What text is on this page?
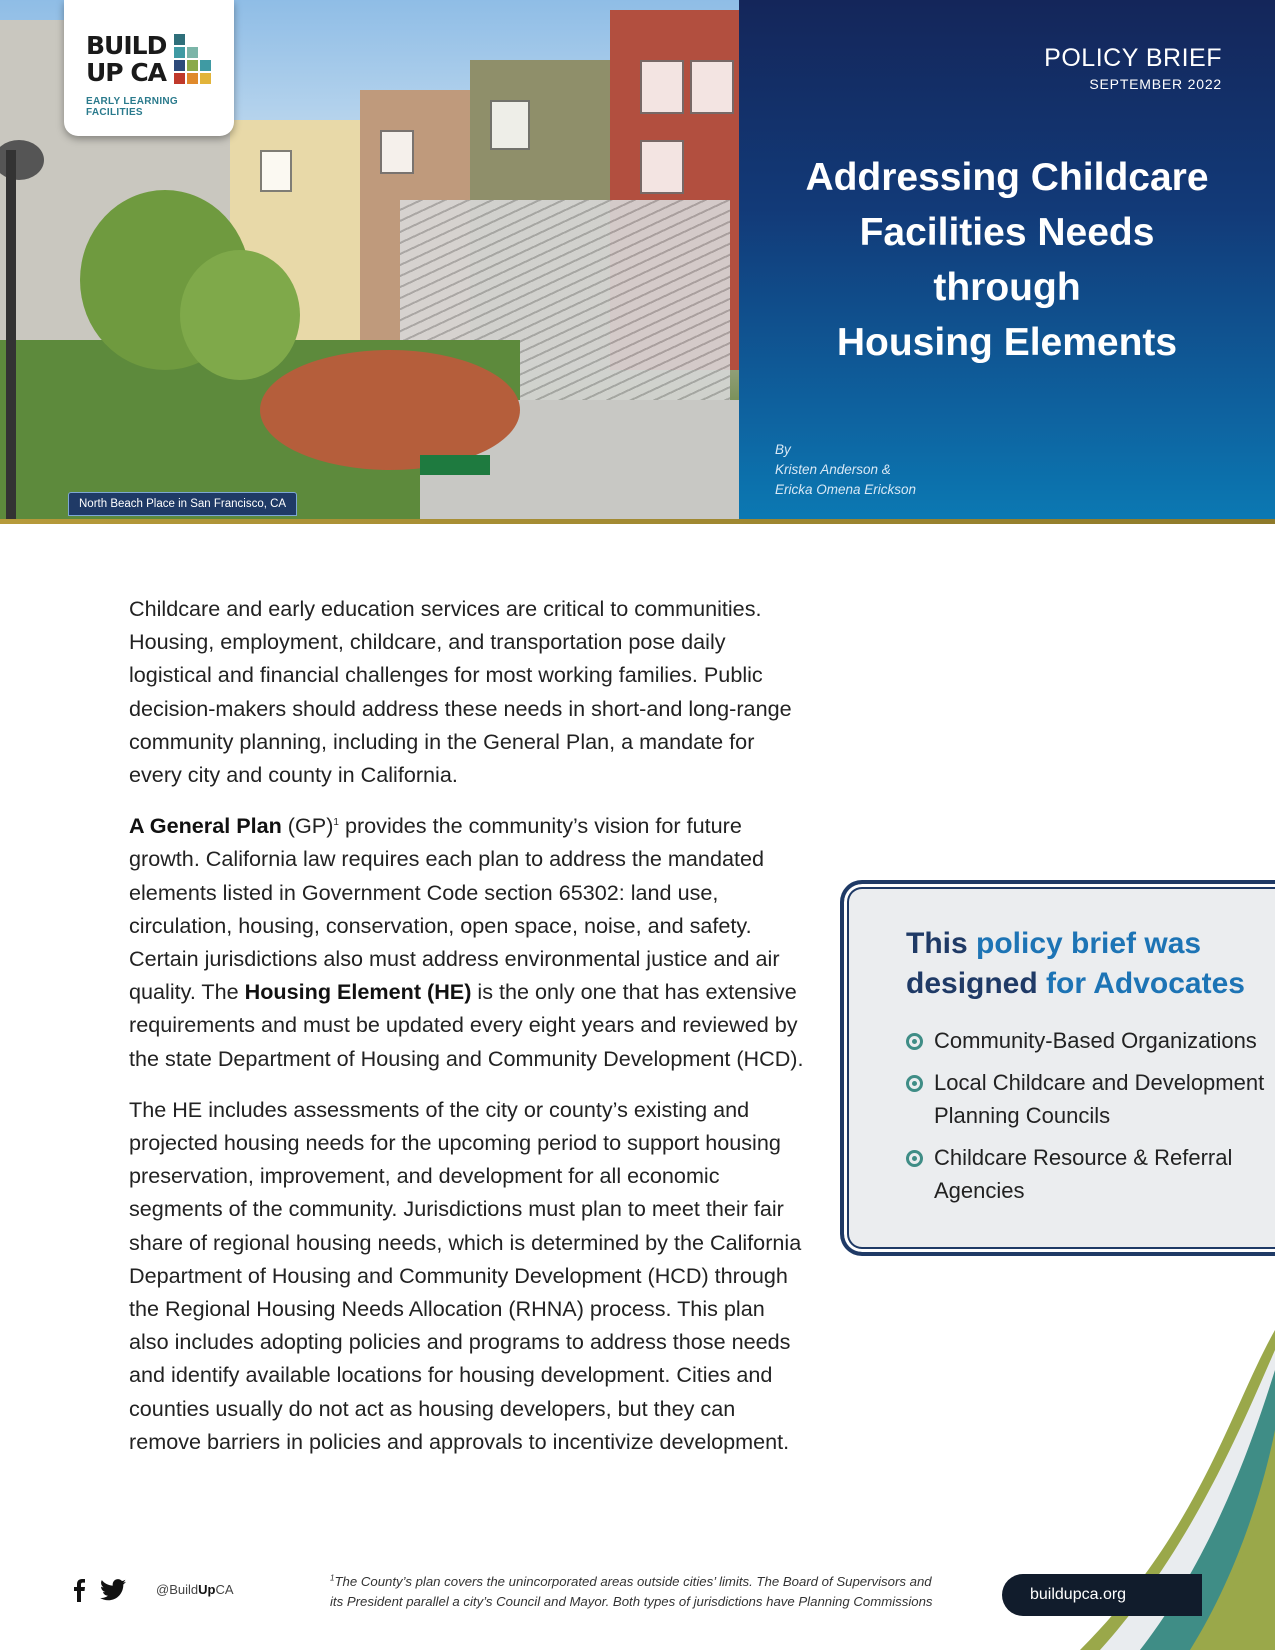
BUILD
UP CA
EARLY LEARNING FACILITIES
North Beach Place in San Francisco, CA
POLICY BRIEF
SEPTEMBER 2022
Addressing Childcare
Facilities Needs
through
Housing Elements
By
Kristen Anderson &
Ericka Omena Erickson

Childcare and early education services are critical to communities. Housing, employment, childcare, and transportation pose daily logistical and financial challenges for most working families. Public decision-makers should address these needs in short-and long-range community planning, including in the General Plan, a mandate for every city and county in California.

A General Plan (GP)$^1$ provides the community’s vision for future growth. California law requires each plan to address the mandated elements listed in Government Code section 65302: land use, circulation, housing, conservation, open space, noise, and safety. Certain jurisdictions also must address environmental justice and air quality. The Housing Element (HE) is the only one that has extensive requirements and must be updated every eight years and reviewed by the state Department of Housing and Community Development (HCD).

The HE includes assessments of the city or county’s existing and projected housing needs for the upcoming period to support housing preservation, improvement, and development for all economic segments of the community. Jurisdictions must plan to meet their fair share of regional housing needs, which is determined by the California Department of Housing and Community Development (HCD) through the Regional Housing Needs Allocation (RHNA) process. This plan also includes adopting policies and programs to address those needs and identify available locations for housing development. Cities and counties usually do not act as housing developers, but they can remove barriers in policies and approvals to incentivize development.

This policy brief was
designed for Advocates
Community-Based Organizations
Local Childcare and Development Planning Councils
Childcare Resource & Referral Agencies
@BuildUpCA
$^1$The County’s plan covers the unincorporated areas outside cities’ limits. The Board of Supervisors and its President parallel a city’s Council and Mayor. Both types of jurisdictions have Planning Commissions	buildupca.org
